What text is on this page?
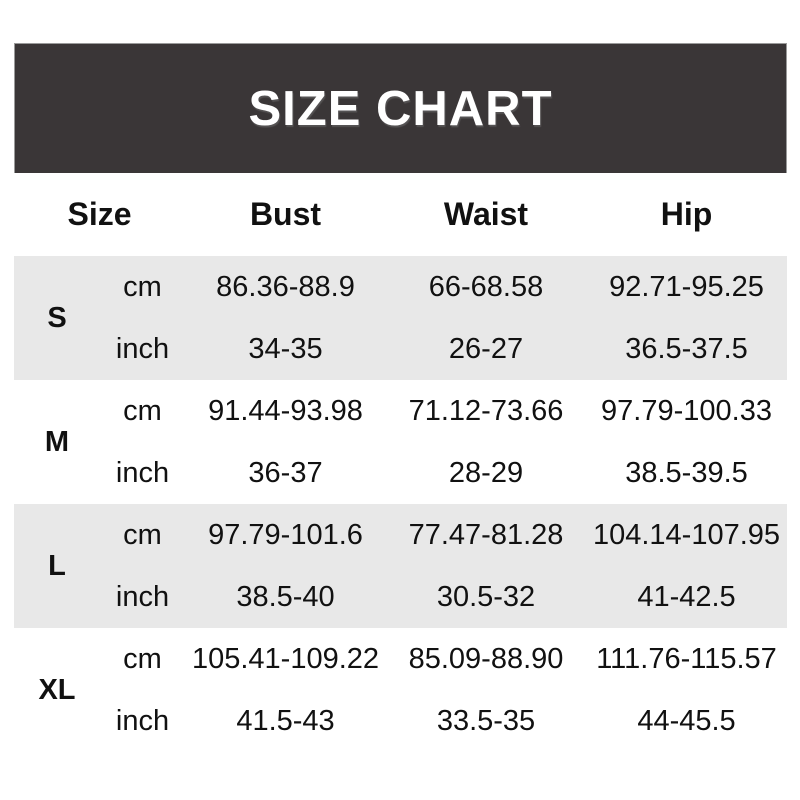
SIZE CHART
Size		Bust	Waist	Hip
S	cm	86.36-88.9	66-68.58	92.71-95.25
	inch	34-35	26-27	36.5-37.5
M	cm	91.44-93.98	71.12-73.66	97.79-100.33
	inch	36-37	28-29	38.5-39.5
L	cm	97.79-101.6	77.47-81.28	104.14-107.95
	inch	38.5-40	30.5-32	41-42.5
XL	cm	105.41-109.22	85.09-88.90	111.76-115.57
	inch	41.5-43	33.5-35	44-45.5
